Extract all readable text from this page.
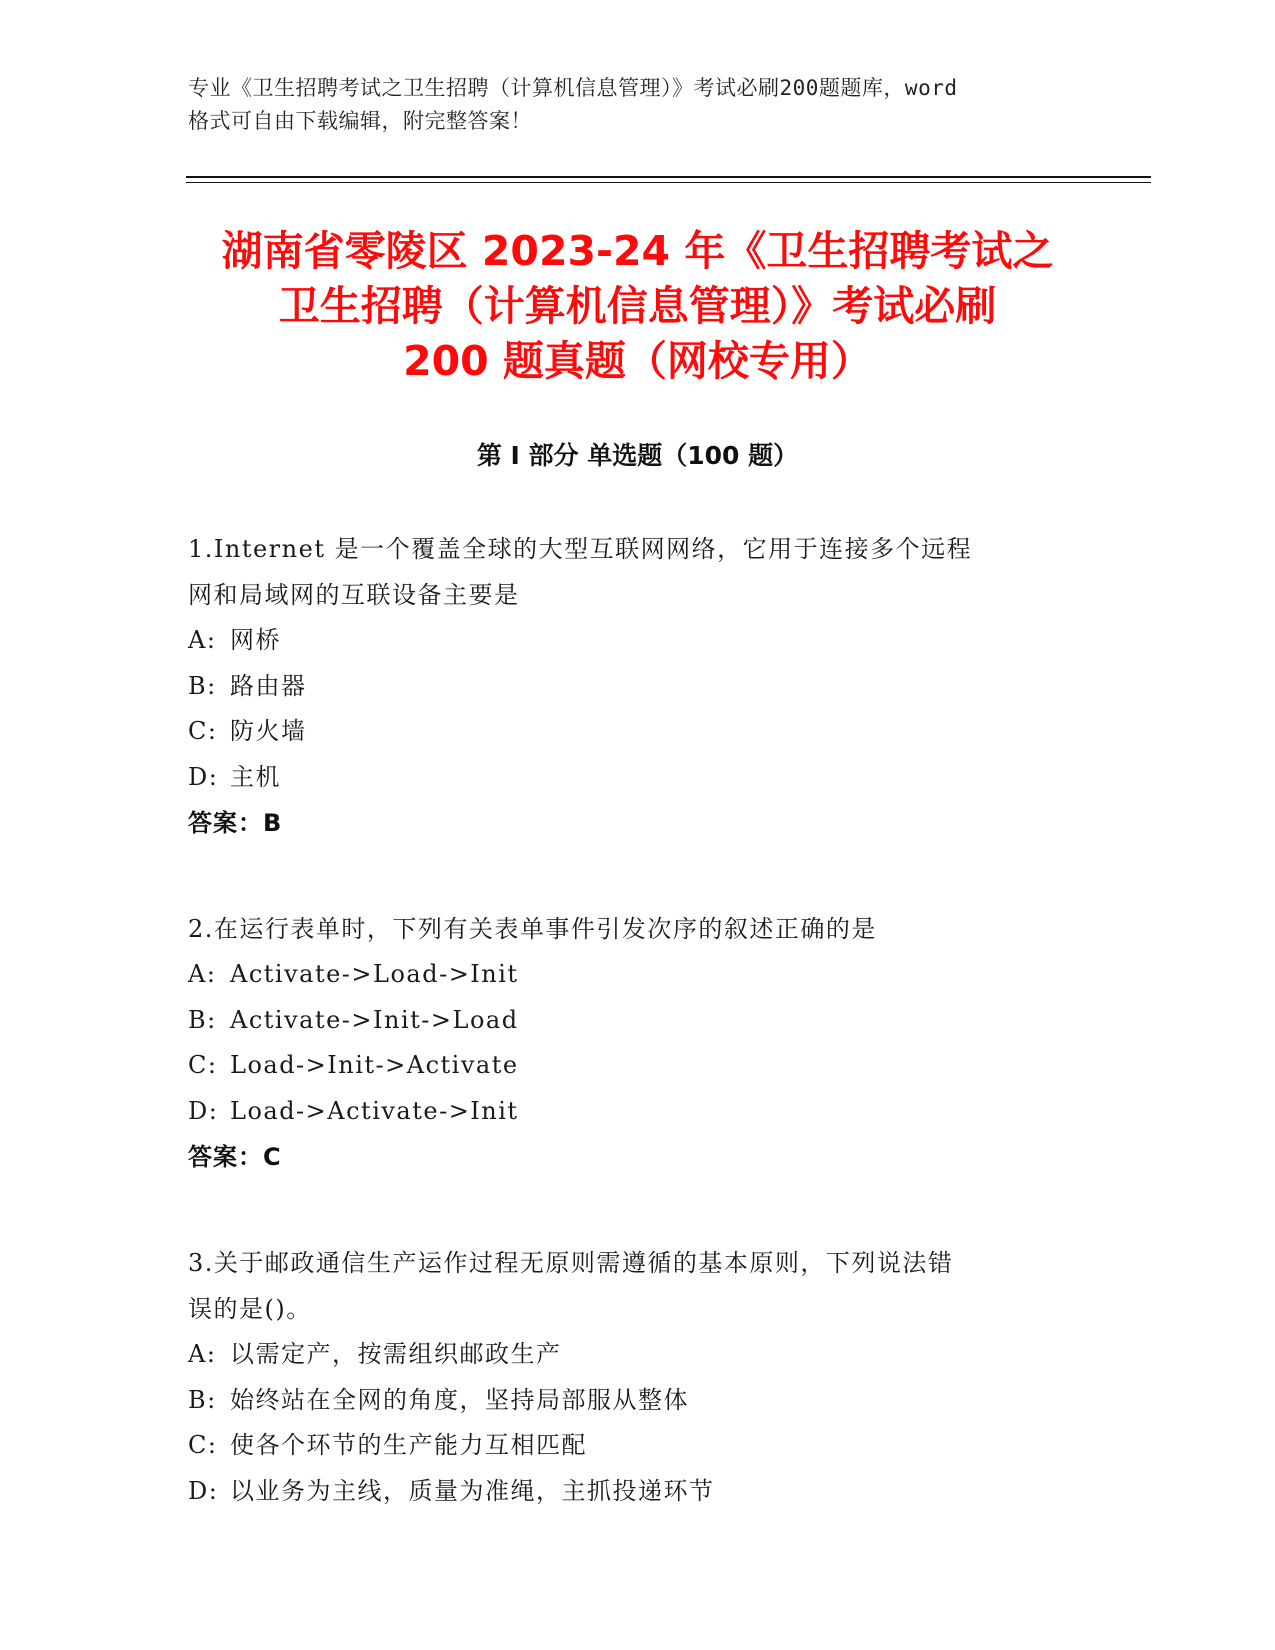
专业《卫生招聘考试之卫生招聘（计算机信息管理）》考试必刷200题题库，word
格式可自由下载编辑，附完整答案！
湖南省零陵区 2023-24 年《卫生招聘考试之
卫生招聘（计算机信息管理）》考试必刷
200 题真题（网校专用）
第 I 部分 单选题（100 题）
1.Internet 是一个覆盖全球的大型互联网网络，它用于连接多个远程
网和局域网的互联设备主要是
A: 网桥
B: 路由器
C: 防火墙
D: 主机
答案：B
2.在运行表单时，下列有关表单事件引发次序的叙述正确的是
A: Activate->Load->Init
B: Activate->Init->Load
C: Load->Init->Activate
D: Load->Activate->Init
答案：C
3.关于邮政通信生产运作过程无原则需遵循的基本原则，下列说法错
误的是()。
A: 以需定产，按需组织邮政生产
B: 始终站在全网的角度，坚持局部服从整体
C: 使各个环节的生产能力互相匹配
D: 以业务为主线，质量为准绳，主抓投递环节
